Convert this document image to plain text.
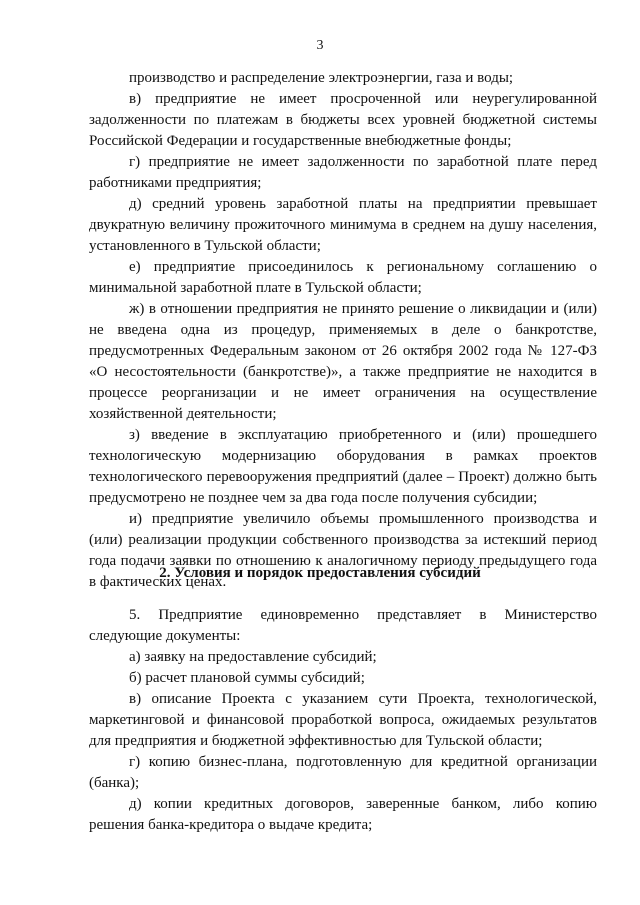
3

производство и распределение электроэнергии, газа и воды;

в) предприятие не имеет просроченной или неурегулированной задолженности по платежам в бюджеты всех уровней бюджетной системы Российской Федерации и государственные внебюджетные фонды;

г) предприятие не имеет задолженности по заработной плате перед работниками предприятия;

д) средний уровень заработной платы на предприятии превышает двукратную величину прожиточного минимума в среднем на душу населения, установленного в Тульской области;

е) предприятие присоединилось к региональному соглашению о минимальной заработной плате в Тульской области;

ж) в отношении предприятия не принято решение о ликвидации и (или) не введена одна из процедур, применяемых в деле о банкротстве, предусмотренных Федеральным законом от 26 октября 2002 года № 127-ФЗ «О несостоятельности (банкротстве)», а также предприятие не находится в процессе реорганизации и не имеет ограничения на осуществление хозяйственной деятельности;

з) введение в эксплуатацию приобретенного и (или) прошедшего технологическую модернизацию оборудования в рамках проектов технологического перевооружения предприятий (далее – Проект) должно быть предусмотрено не позднее чем за два года после получения субсидии;

и) предприятие увеличило объемы промышленного производства и (или) реализации продукции собственного производства за истекший период года подачи заявки по отношению к аналогичному периоду предыдущего года в фактических ценах.

2. Условия и порядок предоставления субсидий

5. Предприятие единовременно представляет в Министерство следующие документы:

а) заявку на предоставление субсидий;

б) расчет плановой суммы субсидий;

в) описание Проекта с указанием сути Проекта, технологической, маркетинговой и финансовой проработкой вопроса, ожидаемых результатов для предприятия и бюджетной эффективностью для Тульской области;

г) копию бизнес-плана, подготовленную для кредитной организации (банка);

д) копии кредитных договоров, заверенные банком, либо копию решения банка-кредитора о выдаче кредита;
